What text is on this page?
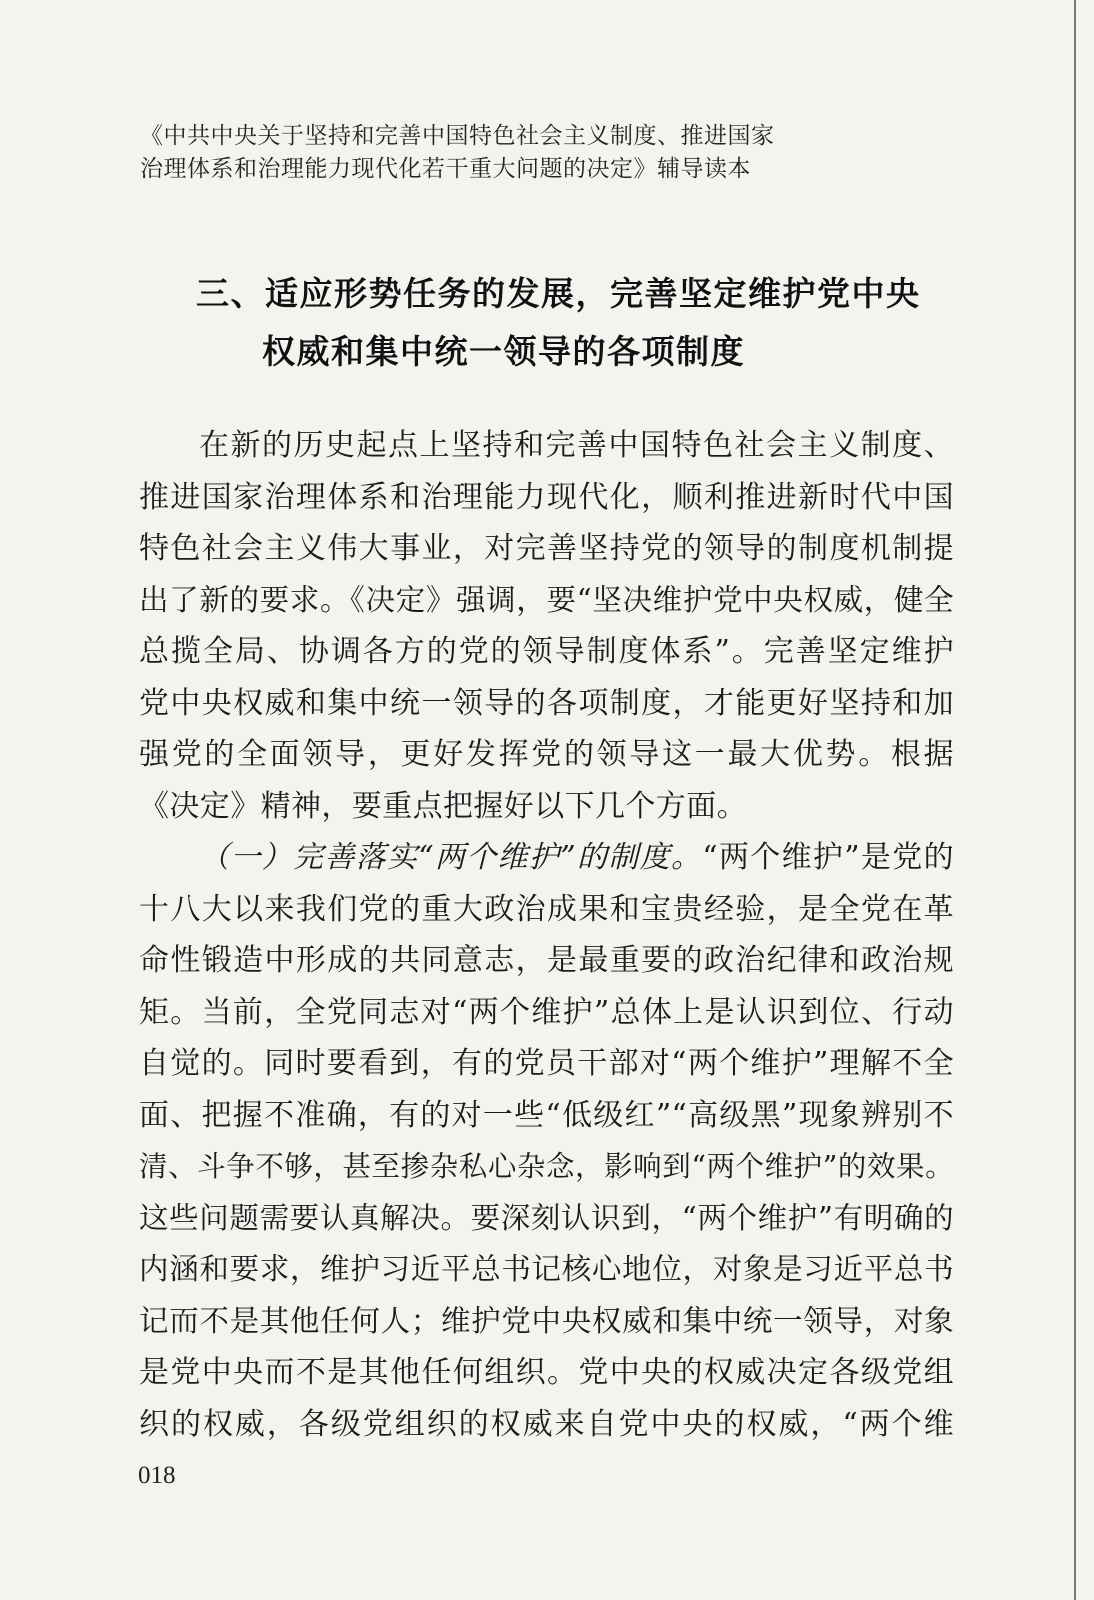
《中共中央关于坚持和完善中国特色社会主义制度、推进国家
治理体系和治理能力现代化若干重大问题的决定》辅导读本
三、适应形势任务的发展，完善坚定维护党中央
权威和集中统一领导的各项制度
在新的历史起点上坚持和完善中国特色社会主义制度、
推进国家治理体系和治理能力现代化，顺利推进新时代中国
特色社会主义伟大事业，对完善坚持党的领导的制度机制提
出了新的要求。《决定》强调，要“坚决维护党中央权威，健全
总揽全局、协调各方的党的领导制度体系”。完善坚定维护
党中央权威和集中统一领导的各项制度，才能更好坚持和加
强党的全面领导，更好发挥党的领导这一最大优势。根据
《决定》精神，要重点把握好以下几个方面。
（一）完善落实“两个维护”的制度。“两个维护”是党的
十八大以来我们党的重大政治成果和宝贵经验，是全党在革
命性锻造中形成的共同意志，是最重要的政治纪律和政治规
矩。当前，全党同志对“两个维护”总体上是认识到位、行动
自觉的。同时要看到，有的党员干部对“两个维护”理解不全
面、把握不准确，有的对一些“低级红”“高级黑”现象辨别不
清、斗争不够，甚至掺杂私心杂念，影响到“两个维护”的效果。
这些问题需要认真解决。要深刻认识到，“两个维护”有明确的
内涵和要求，维护习近平总书记核心地位，对象是习近平总书
记而不是其他任何人；维护党中央权威和集中统一领导，对象
是党中央而不是其他任何组织。党中央的权威决定各级党组
织的权威，各级党组织的权威来自党中央的权威，“两个维
018
